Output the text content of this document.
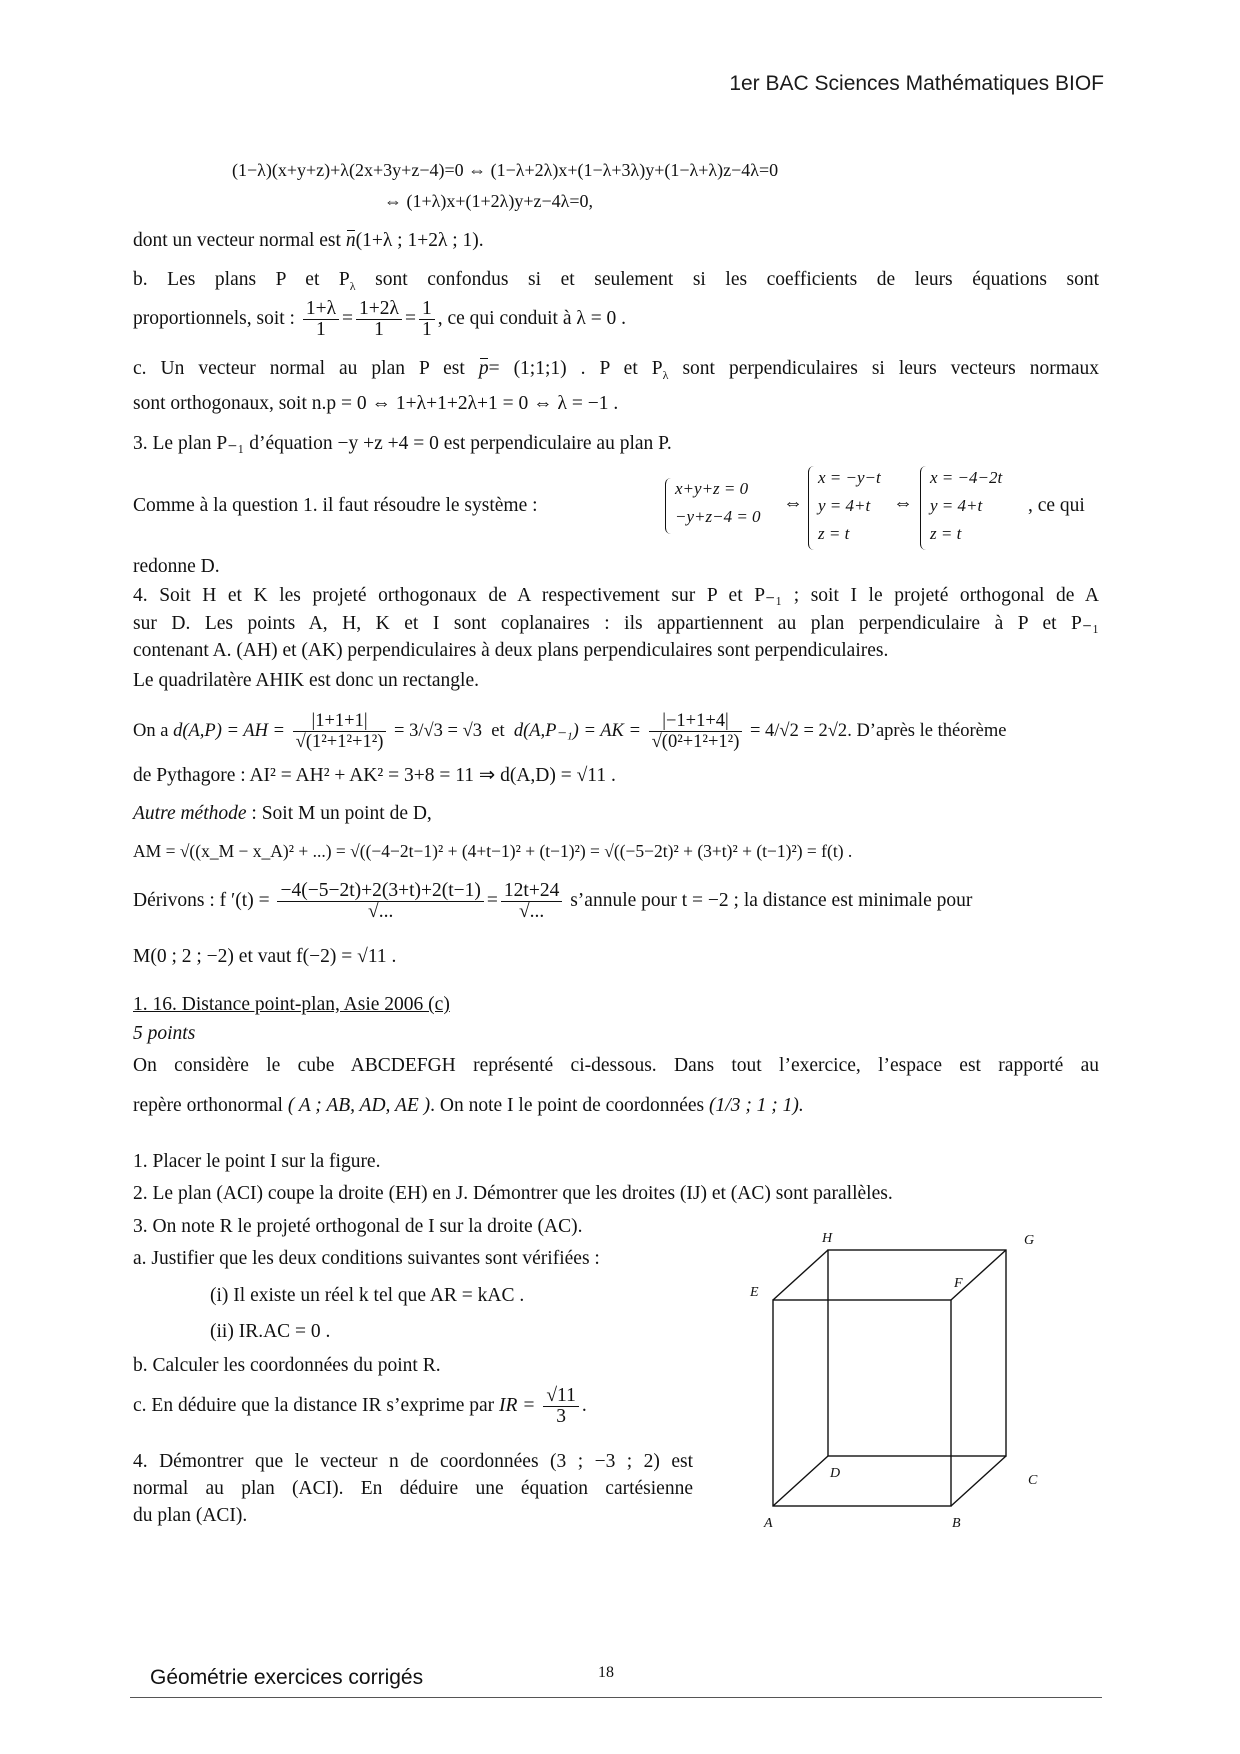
1er BAC Sciences Mathématiques BIOF
(1−λ)(x+y+z)+λ(2x+3y+z−4)=0 ⇔ (1−λ+2λ)x+(1−λ+3λ)y+(1−λ+λ)z−4λ=0
⇔ (1+λ)x+(1+2λ)y+z−4λ=0,
dont un vecteur normal est n(1+λ ; 1+2λ ; 1).
b. Les plans P et $P_\lambda$ sont confondus si et seulement si les coefficients de leurs équations sont
proportionnels, soit : $\frac{1+\lambda}{1} = \frac{1+2\lambda}{1} = \frac{1}{1}$ , ce qui conduit à λ = 0 .
c. Un vecteur normal au plan P est p= (1;1;1) . P et $P_\lambda$ sont perpendiculaires si leurs vecteurs normaux
sont orthogonaux, soit n.p = 0 ⇔ 1+λ+1+2λ+1 = 0 ⇔ λ = −1 .
3. Le plan P₋₁ d’équation −y +z +4 = 0 est perpendiculaire au plan P.
Comme à la question 1. il faut résoudre le système :
x+y+z = 0
−y+z−4 = 0
⇔
x = −y−t
y = 4+t
z = t
⇔
x = −4−2t
y = 4+t
z = t
, ce qui
redonne D.
4. Soit H et K les projeté orthogonaux de A respectivement sur P et P₋₁ ; soit I le projeté orthogonal de A
sur D. Les points A, H, K et I sont coplanaires : ils appartiennent au plan perpendiculaire à P et P₋₁
contenant A. (AH) et (AK) perpendiculaires à deux plans perpendiculaires sont perpendiculaires.
Le quadrilatère AHIK est donc un rectangle.
On a d(A,P) = AH = $\frac{|1+1+1|}{\text{√(1²+1²+1²)}} = 3/√3 = √3$ et d(A,P₋₁) = AK = $\frac{|-1+1+4|}{\text{√(0²+1²+1²)}} = 4/√2 = 2√2$. D’après le théorème
de Pythagore : AI² = AH² + AK² = 3+8 = 11 ⇒ d(A,D) = √11 .
Autre méthode : Soit M un point de D,
AM = √((x_M − x_A)² + ...) = √((−4−2t−1)² + (4+t−1)² + (t−1)²) = √((−5−2t)² + (3+t)² + (t−1)²) = f(t) .
Dérivons : f $'(t) = \frac{-4(-5-2t)+2(3+t)+2(t-1)}{√...} = \frac{12t+24}{√...}$ s’annule pour t = −2 ; la distance est minimale pour
M(0 ; 2 ; −2) et vaut f(−2) = √11 .
1. 16. Distance point-plan, Asie 2006 (c)
5 points
On considère le cube ABCDEFGH représenté ci-dessous. Dans tout l’exercice, l’espace est rapporté au
repère orthonormal ( A ; AB, AD, AE ). On note I le point de coordonnées (1/3 ; 1 ; 1).
1. Placer le point I sur la figure.
2. Le plan (ACI) coupe la droite (EH) en J. Démontrer que les droites (IJ) et (AC) sont parallèles.
3. On note R le projeté orthogonal de I sur la droite (AC).
a. Justifier que les deux conditions suivantes sont vérifiées :
(i) Il existe un réel k tel que AR = kAC .
(ii) IR.AC = 0 .
b. Calculer les coordonnées du point R.
c. En déduire que la distance IR s’exprime par IR = $\frac{√11}{3}$ .
4. Démontrer que le vecteur n de coordonnées (3 ; −3 ; 2) est
normal au plan (ACI). En déduire une équation cartésienne
du plan (ACI).
H	G
E
F
D	C
A	B
Géométrie exercices corrigés	18
